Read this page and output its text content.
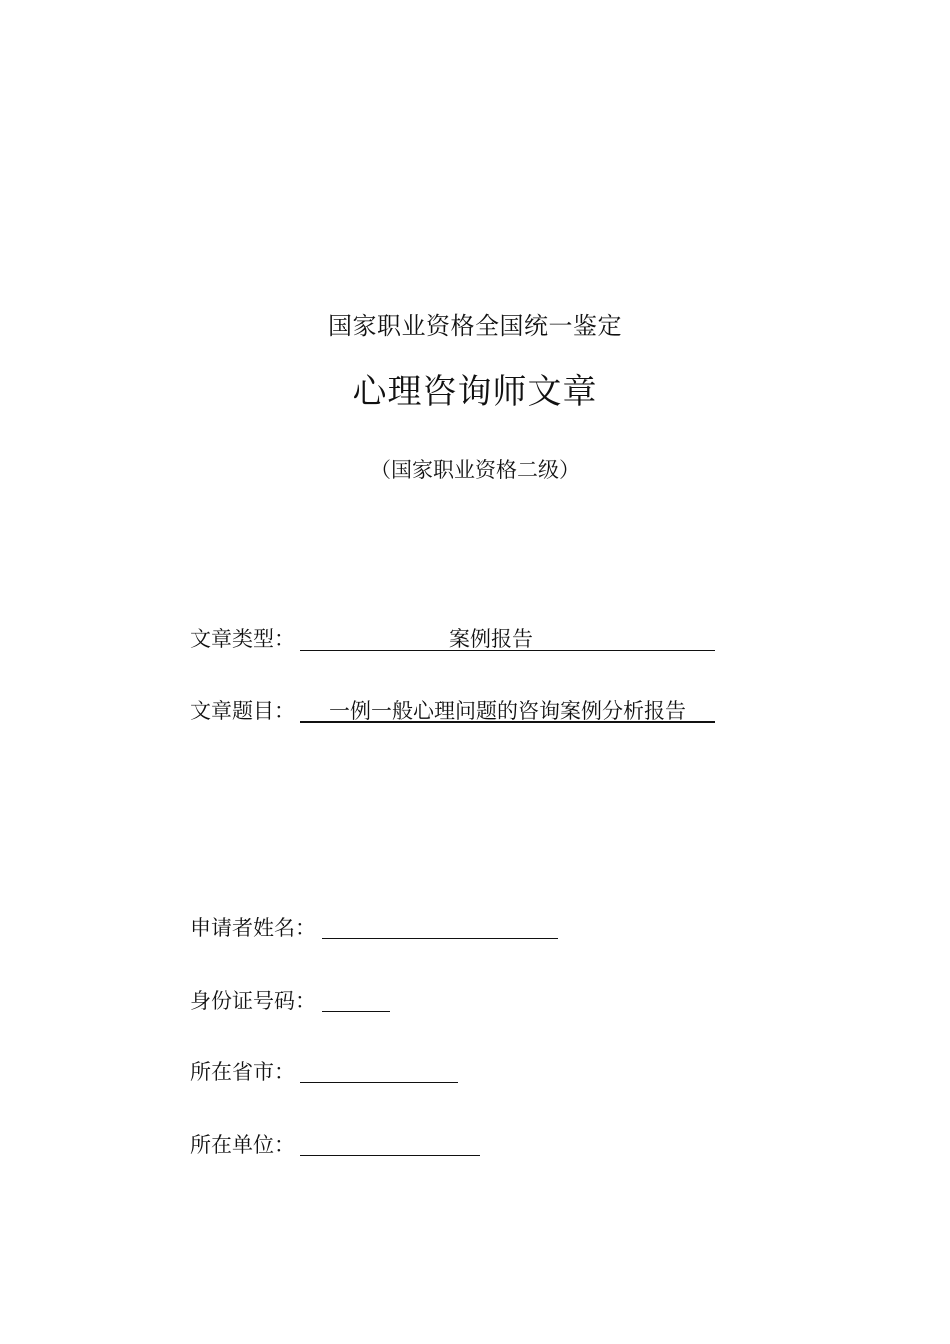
国家职业资格全国统一鉴定
心理咨询师文章
（国家职业资格二级）
文章类型：	案例报告
文章题目：	一例一般心理问题的咨询案例分析报告
申请者姓名：
身份证号码：
所在省市：
所在单位：
